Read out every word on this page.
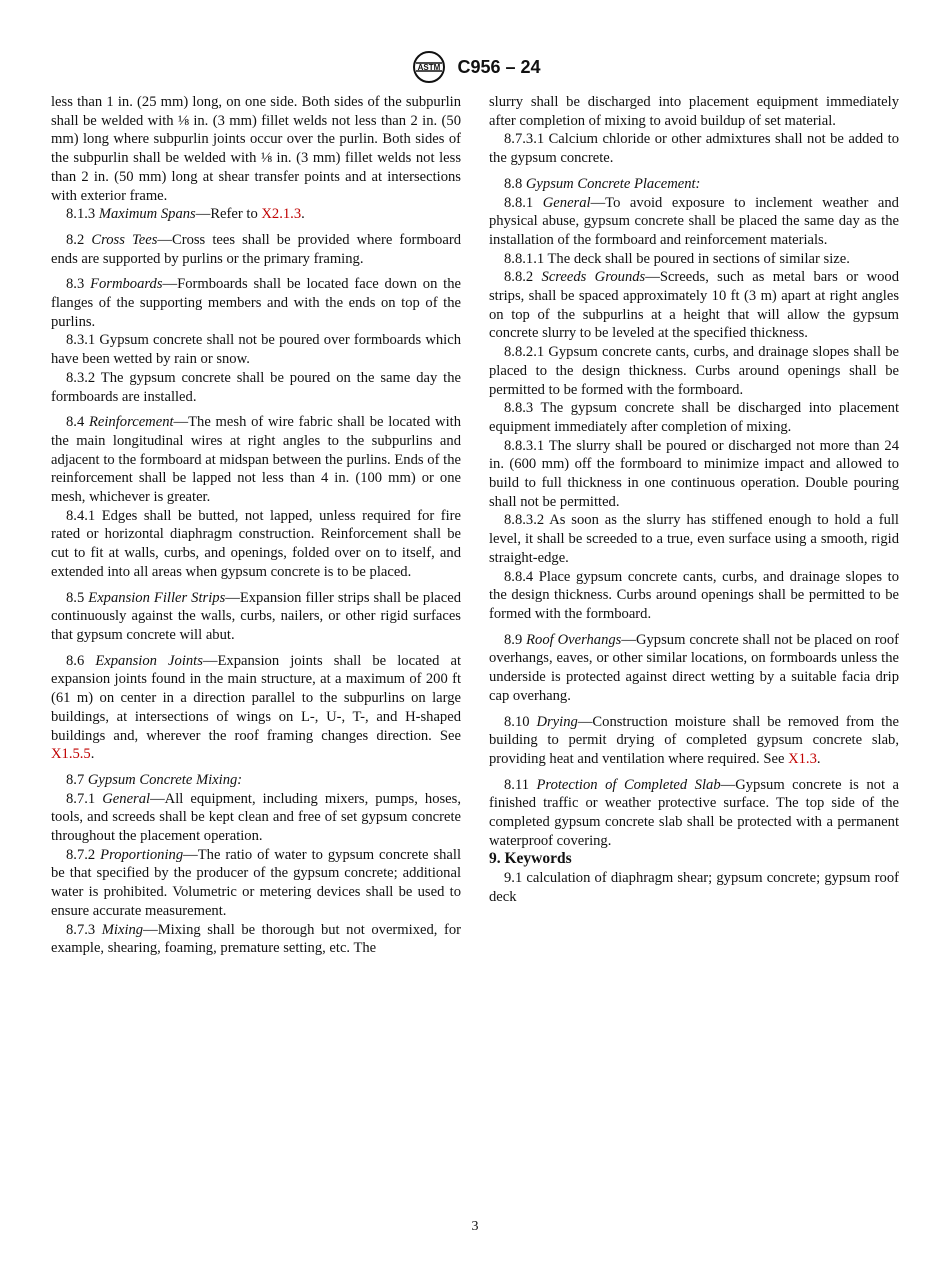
ASTM C956 – 24

less than 1 in. (25 mm) long, on one side. Both sides of the subpurlin shall be welded with ⅛ in. (3 mm) fillet welds not less than 2 in. (50 mm) long where subpurlin joints occur over the purlin. Both sides of the subpurlin shall be welded with ⅛ in. (3 mm) fillet welds not less than 2 in. (50 mm) long at shear transfer points and at intersections with exterior frame.

8.1.3 Maximum Spans—Refer to X2.1.3.

8.2 Cross Tees—Cross tees shall be provided where formboard ends are supported by purlins or the primary framing.

8.3 Formboards—Formboards shall be located face down on the flanges of the supporting members and with the ends on top of the purlins.

8.3.1 Gypsum concrete shall not be poured over formboards which have been wetted by rain or snow.

8.3.2 The gypsum concrete shall be poured on the same day the formboards are installed.

8.4 Reinforcement—The mesh of wire fabric shall be located with the main longitudinal wires at right angles to the subpurlins and adjacent to the formboard at midspan between the purlins. Ends of the reinforcement shall be lapped not less than 4 in. (100 mm) or one mesh, whichever is greater.

8.4.1 Edges shall be butted, not lapped, unless required for fire rated or horizontal diaphragm construction. Reinforcement shall be cut to fit at walls, curbs, and openings, folded over on to itself, and extended into all areas when gypsum concrete is to be placed.

8.5 Expansion Filler Strips—Expansion filler strips shall be placed continuously against the walls, curbs, nailers, or other rigid surfaces that gypsum concrete will abut.

8.6 Expansion Joints—Expansion joints shall be located at expansion joints found in the main structure, at a maximum of 200 ft (61 m) on center in a direction parallel to the subpurlins on large buildings, at intersections of wings on L-, U-, T-, and H-shaped buildings and, wherever the roof framing changes direction. See X1.5.5.

8.7 Gypsum Concrete Mixing:

8.7.1 General—All equipment, including mixers, pumps, hoses, tools, and screeds shall be kept clean and free of set gypsum concrete throughout the placement operation.

8.7.2 Proportioning—The ratio of water to gypsum concrete shall be that specified by the producer of the gypsum concrete; additional water is prohibited. Volumetric or metering devices shall be used to ensure accurate measurement.

8.7.3 Mixing—Mixing shall be thorough but not overmixed, for example, shearing, foaming, premature setting, etc. The

slurry shall be discharged into placement equipment immediately after completion of mixing to avoid buildup of set material.

8.7.3.1 Calcium chloride or other admixtures shall not be added to the gypsum concrete.

8.8 Gypsum Concrete Placement:

8.8.1 General—To avoid exposure to inclement weather and physical abuse, gypsum concrete shall be placed the same day as the installation of the formboard and reinforcement materials.

8.8.1.1 The deck shall be poured in sections of similar size.

8.8.2 Screeds Grounds—Screeds, such as metal bars or wood strips, shall be spaced approximately 10 ft (3 m) apart at right angles on top of the subpurlins at a height that will allow the gypsum concrete slurry to be leveled at the specified thickness.

8.8.2.1 Gypsum concrete cants, curbs, and drainage slopes shall be placed to the design thickness. Curbs around openings shall be permitted to be formed with the formboard.

8.8.3 The gypsum concrete shall be discharged into placement equipment immediately after completion of mixing.

8.8.3.1 The slurry shall be poured or discharged not more than 24 in. (600 mm) off the formboard to minimize impact and allowed to build to full thickness in one continuous operation. Double pouring shall not be permitted.

8.8.3.2 As soon as the slurry has stiffened enough to hold a full level, it shall be screeded to a true, even surface using a smooth, rigid straight-edge.

8.8.4 Place gypsum concrete cants, curbs, and drainage slopes to the design thickness. Curbs around openings shall be permitted to be formed with the formboard.

8.9 Roof Overhangs—Gypsum concrete shall not be placed on roof overhangs, eaves, or other similar locations, on formboards unless the underside is protected against direct wetting by a suitable facia drip cap overhang.

8.10 Drying—Construction moisture shall be removed from the building to permit drying of completed gypsum concrete slab, providing heat and ventilation where required. See X1.3.

8.11 Protection of Completed Slab—Gypsum concrete is not a finished traffic or weather protective surface. The top side of the completed gypsum concrete slab shall be protected with a permanent waterproof covering.

9. Keywords

9.1 calculation of diaphragm shear; gypsum concrete; gypsum roof deck

3
